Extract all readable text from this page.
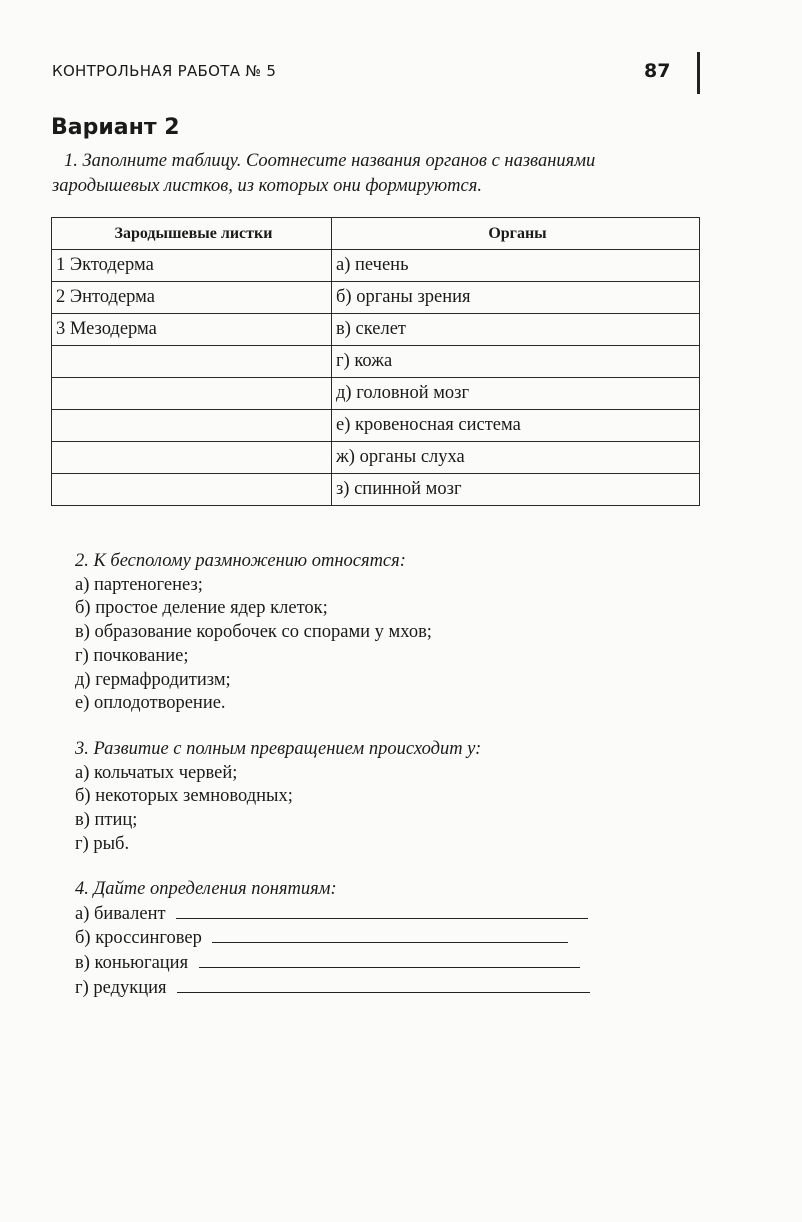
КОНТРОЛЬНАЯ РАБОТА № 5	87
Вариант 2
1. Заполните таблицу. Соотнесите названия органов с названиями зародышевых листков, из которых они формируются.
Зародышевые листки	Органы
1 Эктодерма	а) печень
2 Энтодерма	б) органы зрения
3 Мезодерма	в) скелет
	г) кожа
	д) головной мозг
	е) кровеносная система
	ж) органы слуха
	з) спинной мозг
2. К бесполому размножению относятся:
а) партеногенез;
б) простое деление ядер клеток;
в) образование коробочек со спорами у мхов;
г) почкование;
д) гермафродитизм;
е) оплодотворение.
3. Развитие с полным превращением происходит у:
а) кольчатых червей;
б) некоторых земноводных;
в) птиц;
г) рыб.
4. Дайте определения понятиям:
а) бивалент
б) кроссинговер
в) коньюгация
г) редукция
